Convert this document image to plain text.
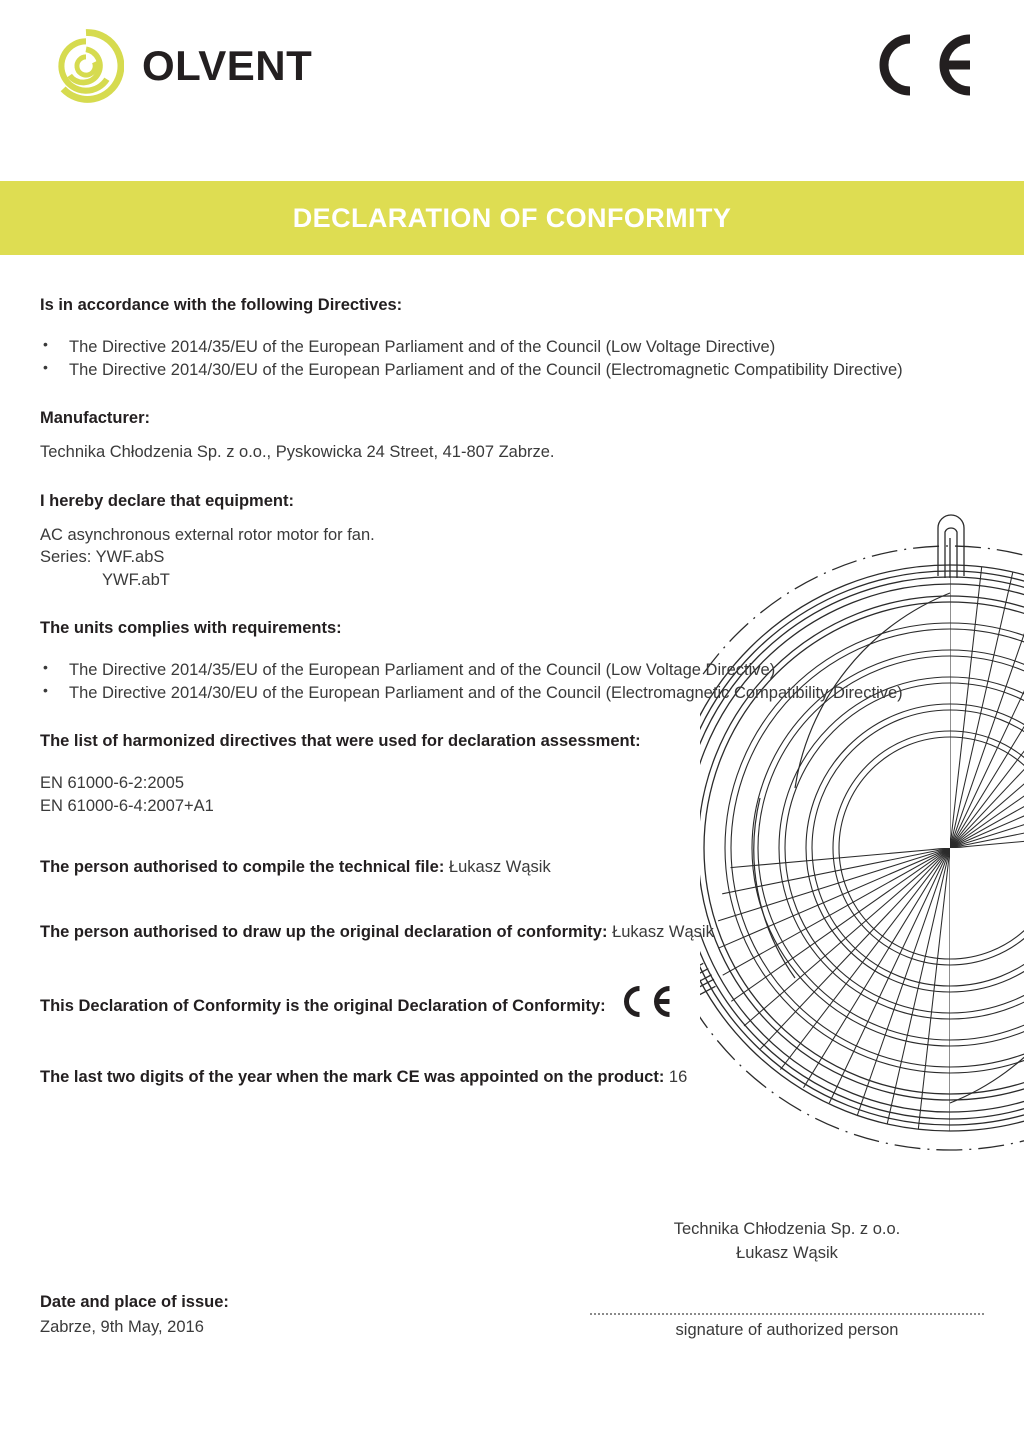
OLVENT
DECLARATION OF CONFORMITY
Is in accordance with the following Directives:
• The Directive 2014/35/EU of the European Parliament and of the Council (Low Voltage Directive)
• The Directive 2014/30/EU of the European Parliament and of the Council (Electromagnetic Compatibility Directive)
Manufacturer:
Technika Chłodzenia Sp. z o.o., Pyskowicka 24 Street, 41-807 Zabrze.
I hereby declare that equipment:
AC asynchronous external rotor motor for fan.
Series: YWF.abS
YWF.abT
The units complies with requirements:
• The Directive 2014/35/EU of the European Parliament and of the Council (Low Voltage Directive)
• The Directive 2014/30/EU of the European Parliament and of the Council (Electromagnetic Compatibility Directive)
The list of harmonized directives that were used for declaration assessment:
EN 61000-6-2:2005
EN 61000-6-4:2007+A1
The person authorised to compile the technical file: Łukasz Wąsik
The person authorised to draw up the original declaration of conformity: Łukasz Wąsik
This Declaration of Conformity is the original Declaration of Conformity:
The last two digits of the year when the mark CE was appointed on the product: 16
Technika Chłodzenia Sp. z o.o.
Łukasz Wąsik
signature of authorized person
Date and place of issue:
Zabrze, 9th May, 2016
